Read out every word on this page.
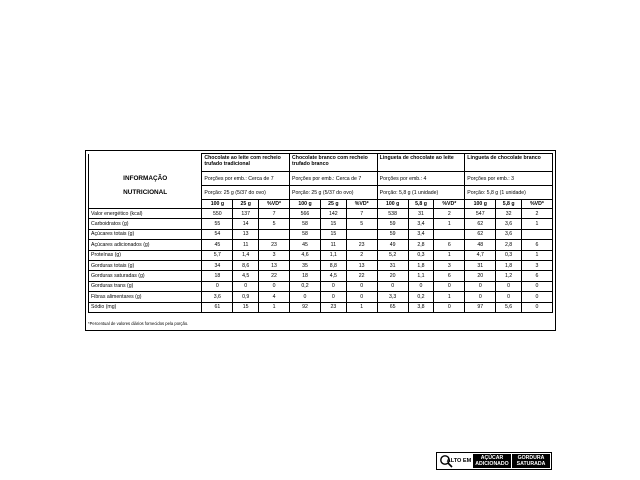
	Chocolate ao leite com recheio trufado tradicional			Chocolate branco com recheio trufado branco			Lingueta de chocolate ao leite			Lingueta de chocolate branco		
INFORMAÇÃO	Porções por emb.: Cerca de 7			Porções por emb.: Cerca de 7			Porções por emb.: 4			Porções por emb.: 3		
NUTRICIONAL	Porção: 25 g (5/37 do ovo)			Porção: 25 g (5/37 do ovo)			Porção: 5,8 g (1 unidade)			Porção: 5,8 g (1 unidade)		
	100 g	25 g	%VD*	100 g	25 g	%VD*	100 g	5,8 g	%VD*	100 g	5,8 g	%VD*
Valor energético (kcal)	550	137	7	566	142	7	538	31	2	547	32	2
Carboidratos (g)	55	14	5	58	15	5	59	3,4	1	62	3,6	1
Açúcares totais (g)	54	13		58	15		59	3,4		62	3,6	
Açúcares adicionados (g)	45	11	23	45	11	23	49	2,8	6	48	2,8	6
Proteínas (g)	5,7	1,4	3	4,6	1,1	2	5,2	0,3	1	4,7	0,3	1
Gorduras totais (g)	34	8,6	13	35	8,8	13	31	1,8	3	31	1,8	3
Gorduras saturadas (g)	18	4,5	22	18	4,5	22	20	1,1	6	20	1,2	6
Gorduras trans (g)	0	0	0	0,2	0	0	0	0	0	0	0	0
Fibras alimentares (g)	3,6	0,9	4	0	0	0	3,3	0,2	1	0	0	0
Sódio (mg)	61	15	1	92	23	1	65	3,8	0	97	5,6	0
*Percentual de valores diários fornecidos pela porção.
ALTO EM	AÇÚCAR ADICIONADO
GORDURA SATURADA
